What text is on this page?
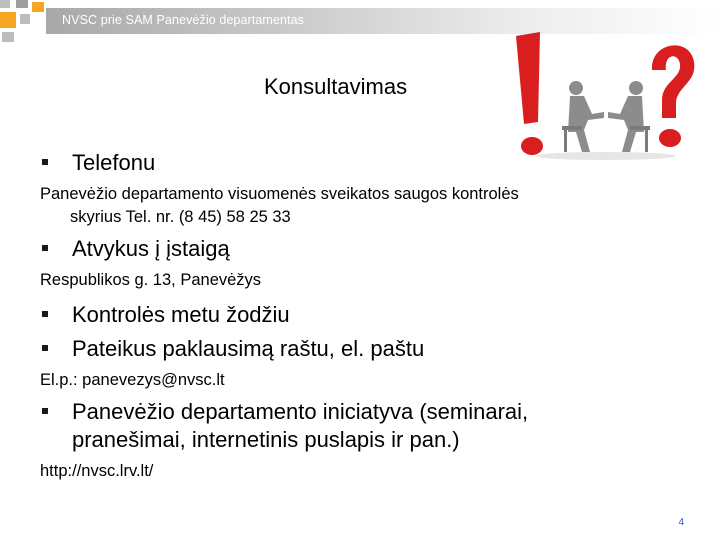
NVSC prie SAM Panevėžio departamentas
Konsultavimas
Telefonu
Panevėžio departamento visuomenės sveikatos saugos kontrolės
skyrius Tel. nr. (8 45) 58 25 33
Atvykus į įstaigą
Respublikos g. 13, Panevėžys
Kontrolės metu žodžiu
Pateikus paklausimą raštu, el. paštu
El.p.: panevezys@nvsc.lt
Panevėžio departamento iniciatyva (seminarai,
pranešimai, internetinis puslapis ir pan.)
http://nvsc.lrv.lt/
4
